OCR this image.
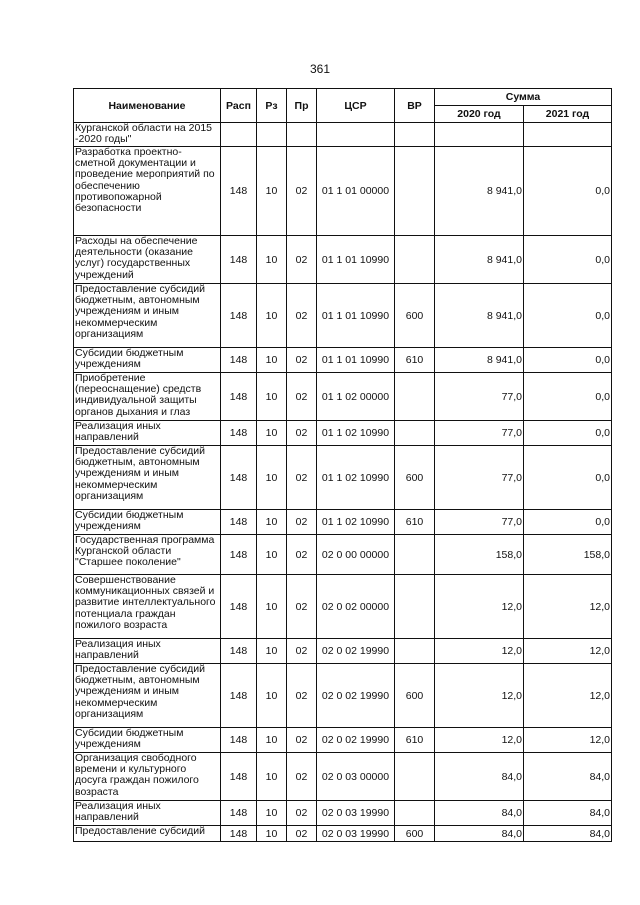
361
Наименование	Расп	Рз	Пр	ЦСР	ВР	Сумма	
						2020 год	2021 год
Курганской области на 2015 -2020 годы"							
Разработка проектно-сметной документации и проведение мероприятий по обеспечению противопожарной безопасности	148	10	02	01 1 01 00000		8 941,0	0,0
Расходы на обеспечение деятельности (оказание услуг) государственных учреждений	148	10	02	01 1 01 10990		8 941,0	0,0
Предоставление субсидий бюджетным, автономным учреждениям и иным некоммерческим организациям	148	10	02	01 1 01 10990	600	8 941,0	0,0
Субсидии бюджетным учреждениям	148	10	02	01 1 01 10990	610	8 941,0	0,0
Приобретение (переоснащение) средств индивидуальной защиты органов дыхания и глаз	148	10	02	01 1 02 00000		77,0	0,0
Реализация иных направлений	148	10	02	01 1 02 10990		77,0	0,0
Предоставление субсидий бюджетным, автономным учреждениям и иным некоммерческим организациям	148	10	02	01 1 02 10990	600	77,0	0,0
Субсидии бюджетным учреждениям	148	10	02	01 1 02 10990	610	77,0	0,0
Государственная программа Курганской области "Старшее поколение"	148	10	02	02 0 00 00000		158,0	158,0
Совершенствование коммуникационных связей и развитие интеллектуального потенциала граждан пожилого возраста	148	10	02	02 0 02 00000		12,0	12,0
Реализация иных направлений	148	10	02	02 0 02 19990		12,0	12,0
Предоставление субсидий бюджетным, автономным учреждениям и иным некоммерческим организациям	148	10	02	02 0 02 19990	600	12,0	12,0
Субсидии бюджетным учреждениям	148	10	02	02 0 02 19990	610	12,0	12,0
Организация свободного времени и культурного досуга граждан пожилого возраста	148	10	02	02 0 03 00000		84,0	84,0
Реализация иных направлений	148	10	02	02 0 03 19990		84,0	84,0
Предоставление субсидий	148	10	02	02 0 03 19990	600	84,0	84,0
